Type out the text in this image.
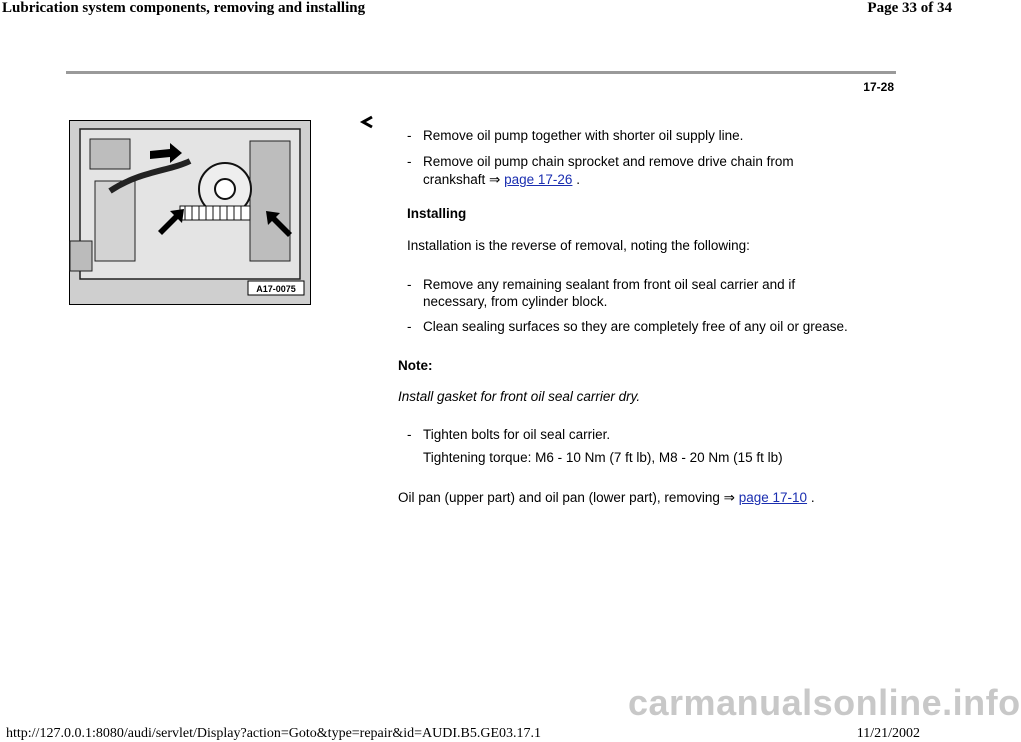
Lubrication system components, removing and installing	Page 33 of 34
17-28
A17-0075
- Remove oil pump together with shorter oil supply line.
- Remove oil pump chain sprocket and remove drive chain from
crankshaft ⇒ page 17-26 .
Installing
Installation is the reverse of removal, noting the following:
- Remove any remaining sealant from front oil seal carrier and if
necessary, from cylinder block.
- Clean sealing surfaces so they are completely free of any oil or grease.
Note:
Install gasket for front oil seal carrier dry.
- Tighten bolts for oil seal carrier.
Tightening torque: M6 - 10 Nm (7 ft lb), M8 - 20 Nm (15 ft lb)
Oil pan (upper part) and oil pan (lower part), removing ⇒ page 17-10 .
carmanualsonline.info
http://127.0.0.1:8080/audi/servlet/Display?action=Goto&type=repair&id=AUDI.B5.GE03.17.1	11/21/2002
